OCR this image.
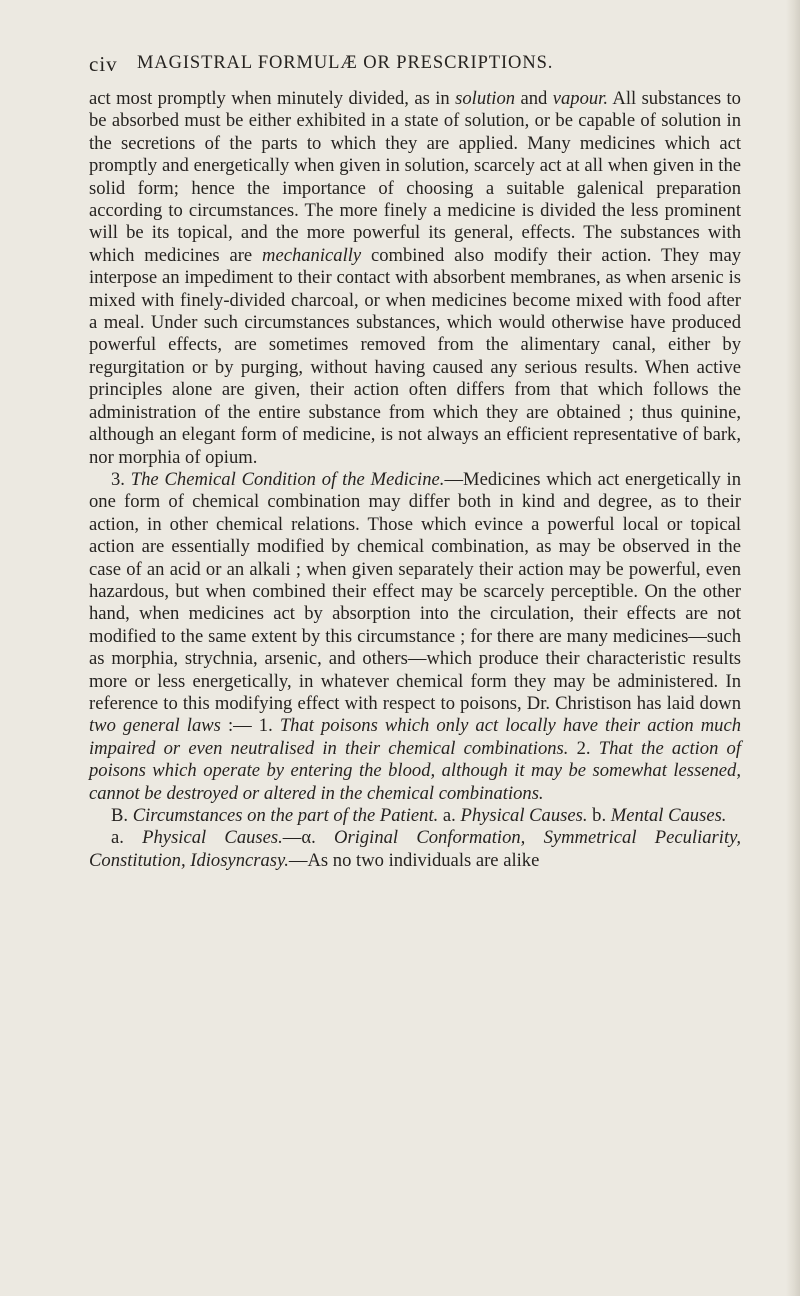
civ MAGISTRAL FORMULÆ OR PRESCRIPTIONS.

act most promptly when minutely divided, as in solution and vapour. All substances to be absorbed must be either exhibited in a state of solution, or be capable of solution in the secretions of the parts to which they are applied. Many medicines which act promptly and energetically when given in solution, scarcely act at all when given in the solid form; hence the importance of choosing a suitable galenical preparation according to circumstances. The more finely a medicine is divided the less prominent will be its topical, and the more powerful its general, effects. The substances with which medicines are mechanically combined also modify their action. They may interpose an impediment to their contact with absorbent membranes, as when arsenic is mixed with finely-divided charcoal, or when medicines become mixed with food after a meal. Under such circumstances substances, which would otherwise have produced powerful effects, are sometimes removed from the alimentary canal, either by regurgitation or by purging, without having caused any serious results. When active principles alone are given, their action often differs from that which follows the administration of the entire substance from which they are obtained ; thus quinine, although an elegant form of medicine, is not always an efficient representative of bark, nor morphia of opium.

3. The Chemical Condition of the Medicine.—Medicines which act energetically in one form of chemical combination may differ both in kind and degree, as to their action, in other chemical relations. Those which evince a powerful local or topical action are essentially modified by chemical combination, as may be observed in the case of an acid or an alkali ; when given separately their action may be powerful, even hazardous, but when combined their effect may be scarcely perceptible. On the other hand, when medicines act by absorption into the circulation, their effects are not modified to the same extent by this circumstance ; for there are many medicines—such as morphia, strychnia, arsenic, and others—which produce their characteristic results more or less energetically, in whatever chemical form they may be administered. In reference to this modifying effect with respect to poisons, Dr. Christison has laid down two general laws :— 1. That poisons which only act locally have their action much impaired or even neutralised in their chemical combinations. 2. That the action of poisons which operate by entering the blood, although it may be somewhat lessened, cannot be destroyed or altered in the chemical combinations.

B. Circumstances on the part of the Patient. a. Physical Causes. b. Mental Causes.

a. Physical Causes.—α. Original Conformation, Symmetrical Peculiarity, Constitution, Idiosyncrasy.—As no two individuals are alike
